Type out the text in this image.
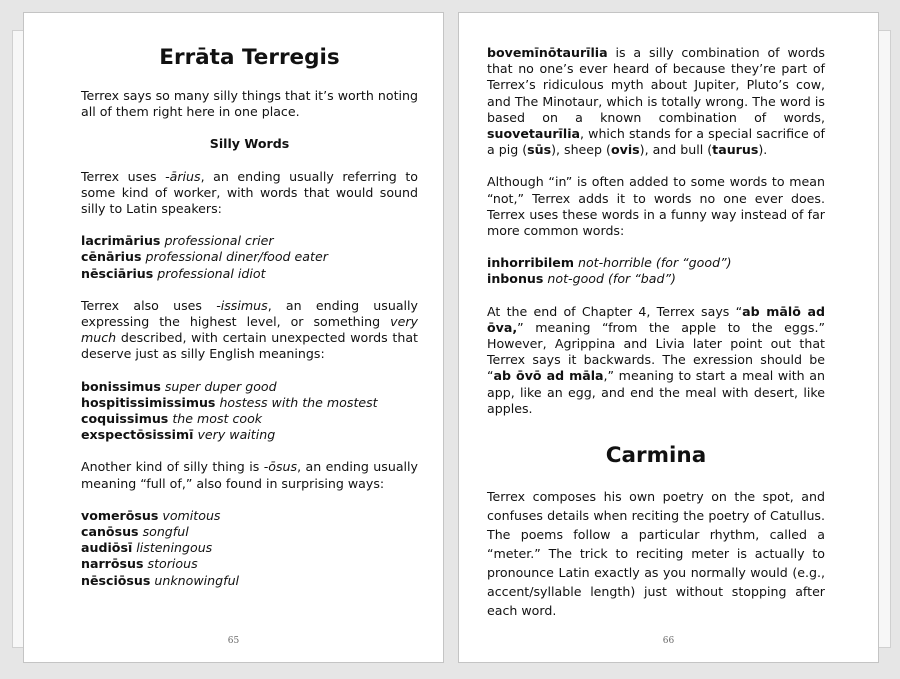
Errāta Terregis

Terrex says so many silly things that it’s worth noting all of them right here in one place.

Silly Words

Terrex uses -ārius, an ending usually referring to some kind of worker, with words that would sound silly to Latin speakers:

lacrimārius professional crier
cēnārius professional diner/food eater
nēsciārius professional idiot

Terrex also uses -issimus, an ending usually expressing the highest level, or something very much described, with certain unexpected words that deserve just as silly English meanings:

bonissimus super duper good
hospitissimissimus hostess with the mostest
coquissimus the most cook
exspectōsissimī very waiting

Another kind of silly thing is -ōsus, an ending usually meaning “full of,” also found in surprising ways:

vomerōsus vomitous
canōsus songful
audiōsī listeningous
narrōsus storious
nēsciōsus unknowingful
65

bovemīnōtaurīlia is a silly combination of words that no one’s ever heard of because they’re part of Terrex’s ridiculous myth about Jupiter, Pluto’s cow, and The Minotaur, which is totally wrong. The word is based on a known combination of words, suovetaurīlia, which stands for a special sacrifice of a pig (sūs), sheep (ovis), and bull (taurus).

Although “in” is often added to some words to mean “not,” Terrex adds it to words no one ever does. Terrex uses these words in a funny way instead of far more common words:

inhorribilem not-horrible (for “good”)
inbonus not-good (for “bad”)

At the end of Chapter 4, Terrex says “ab mālō ad ōva,” meaning “from the apple to the eggs.” However, Agrippina and Livia later point out that Terrex says it backwards. The exression should be “ab ōvō ad māla,” meaning to start a meal with an app, like an egg, and end the meal with desert, like apples.

Carmina

Terrex composes his own poetry on the spot, and confuses details when reciting the poetry of Catullus. The poems follow a particular rhythm, called a “meter.” The trick to reciting meter is actually to pronounce Latin exactly as you normally would (e.g., accent/syllable length) just without stopping after each word.

66
